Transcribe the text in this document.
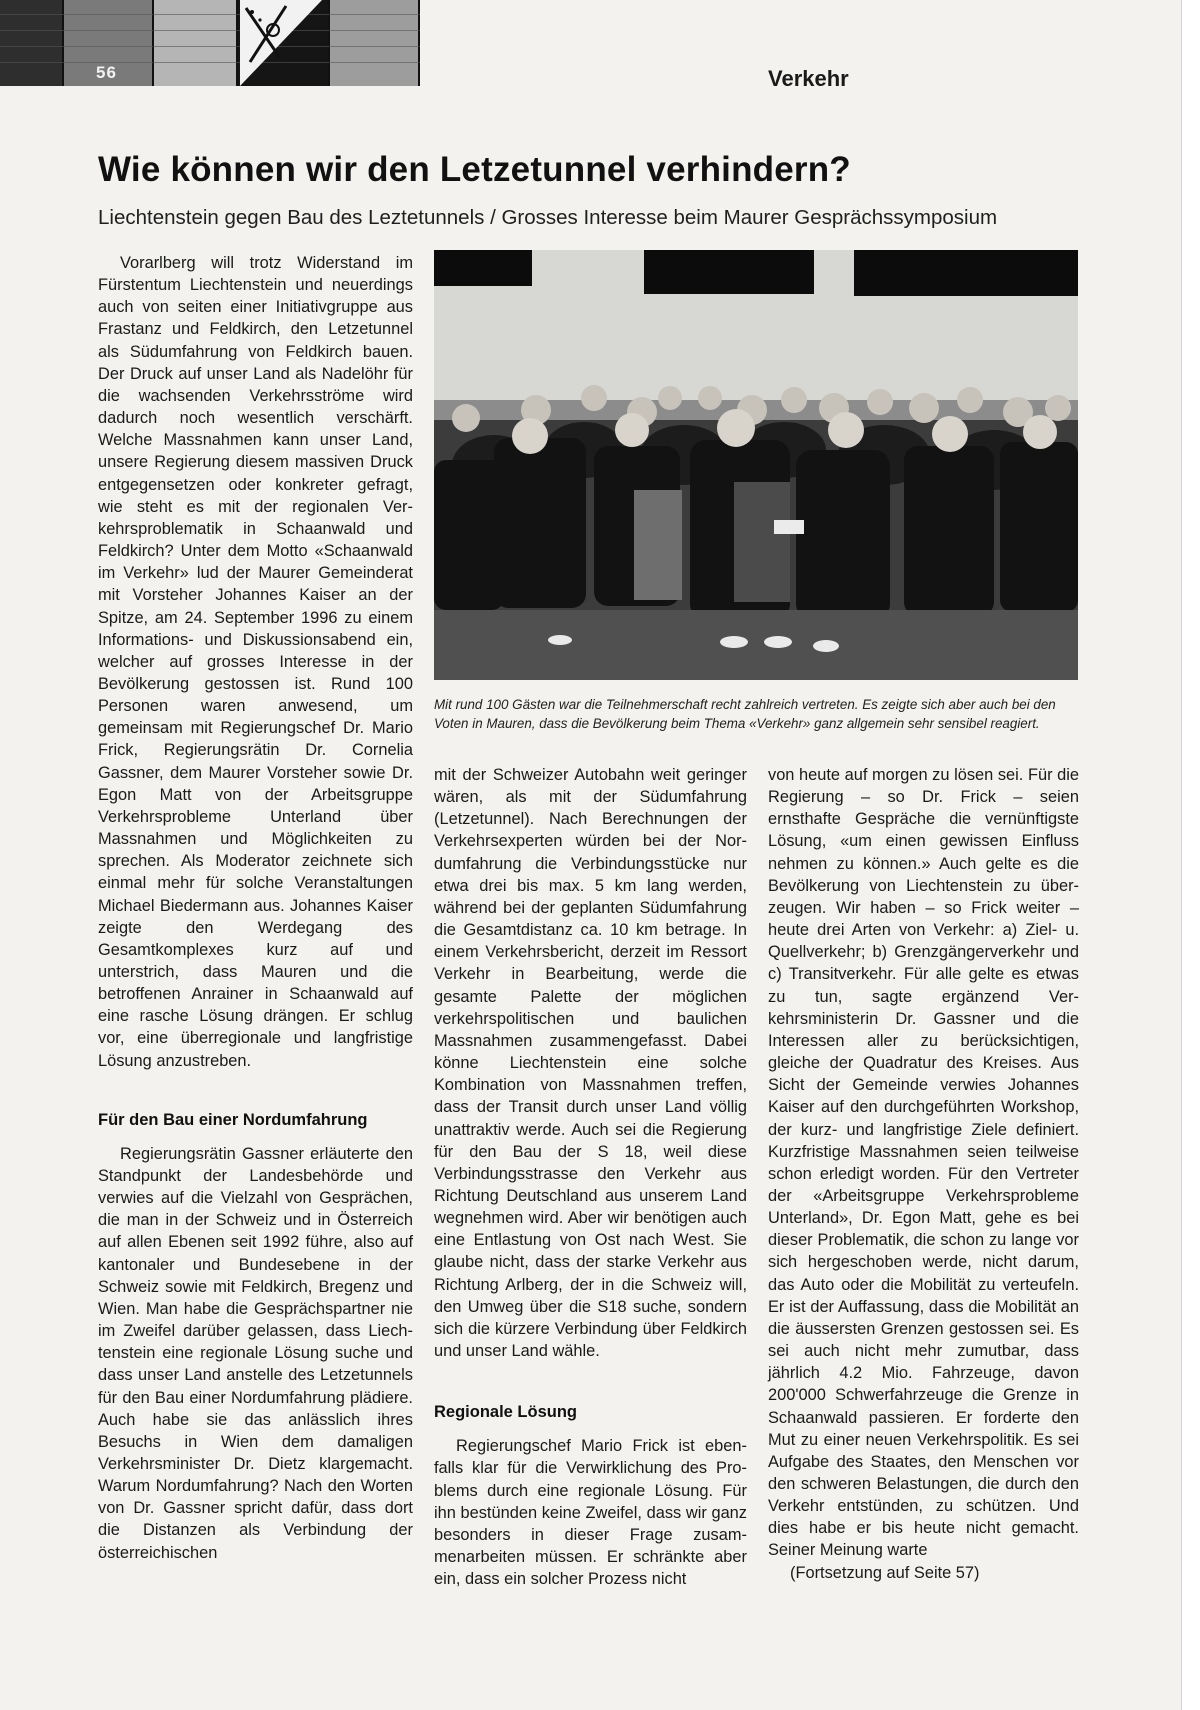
56	Verkehr
Wie können wir den Letzetunnel verhindern?

Liechtenstein gegen Bau des Leztetunnels / Grosses Interesse beim Maurer Gesprächssymposium

Vorarlberg will trotz Widerstand im Fürstentum Liechtenstein und neuerdings auch von seiten einer Initiativgruppe aus Frastanz und Feldkirch, den Letzetunnel als Südumfahrung von Feldkirch bauen. Der Druck auf unser Land als Nadelöhr für die wachsenden Verkehrsströme wird dadurch noch wesentlich verschärft. Welche Massnahmen kann unser Land, unsere Regierung diesem massiven Druck entgegensetzen oder konkreter gefragt, wie steht es mit der regionalen Verkehrsproblematik in Schaanwald und Feldkirch? Unter dem Motto «Schaanwald im Verkehr» lud der Maurer Gemeinderat mit Vorsteher Johannes Kaiser an der Spitze, am 24. September 1996 zu einem Informations- und Diskussionsabend ein, welcher auf grosses Interesse in der Bevölkerung gestossen ist. Rund 100 Personen waren anwesend, um gemeinsam mit Regierungschef Dr. Mario Frick, Regierungsrätin Dr. Cornelia Gassner, dem Maurer Vorsteher sowie Dr. Egon Matt von der Arbeitsgruppe Verkehrsprobleme Unterland über Massnahmen und Möglichkeiten zu sprechen. Als Moderator zeichnete sich einmal mehr für solche Veranstaltungen Michael Biedermann aus. Johannes Kaiser zeigte den Werdegang des Gesamtkomplexes kurz auf und unterstrich, dass Mauren und die betroffenen Anrainer in Schaanwald auf eine rasche Lösung drängen. Er schlug vor, eine überregionale und langfristige Lösung anzustreben.

Für den Bau einer Nordumfahrung

Regierungsrätin Gassner erläuterte den Standpunkt der Landesbehörde und verwies auf die Vielzahl von Gesprächen, die man in der Schweiz und in Österreich auf allen Ebenen seit 1992 führe, also auf kantonaler und Bundesebene in der Schweiz sowie mit Feldkirch, Bregenz und Wien. Man habe die Gesprächspartner nie im Zweifel darüber gelassen, dass Liechtenstein eine regionale Lösung suche und dass unser Land anstelle des Letzetunnels für den Bau einer Nordumfahrung plädiere. Auch habe sie das anlässlich ihres Besuchs in Wien dem damaligen Verkehrsminister Dr. Dietz klargemacht. Warum Nordumfahrung? Nach den Worten von Dr. Gassner spricht dafür, dass dort die Distanzen als Verbindung der österreichischen

Mit rund 100 Gästen war die Teilnehmerschaft recht zahlreich vertreten. Es zeigte sich aber auch bei den Voten in Mauren, dass die Bevölkerung beim Thema «Verkehr» ganz allgemein sehr sensibel reagiert.

mit der Schweizer Autobahn weit geringer wären, als mit der Südumfahrung (Letzetunnel). Nach Berechnungen der Verkehrsexperten würden bei der Nordumfahrung die Verbindungsstücke nur etwa drei bis max. 5 km lang werden, während bei der geplanten Südumfahrung die Gesamtdistanz ca. 10 km betrage. In einem Verkehrsbericht, derzeit im Ressort Verkehr in Bearbeitung, werde die gesamte Palette der möglichen verkehrspolitischen und baulichen Massnahmen zusammengefasst. Dabei könne Liechtenstein eine solche Kombination von Massnahmen treffen, dass der Transit durch unser Land völlig unattraktiv werde. Auch sei die Regierung für den Bau der S 18, weil diese Verbindungsstrasse den Verkehr aus Richtung Deutschland aus unserem Land wegnehmen wird. Aber wir benötigen auch eine Entlastung von Ost nach West. Sie glaube nicht, dass der starke Verkehr aus Richtung Arlberg, der in die Schweiz will, den Umweg über die S18 suche, sondern sich die kürzere Verbindung über Feldkirch und unser Land wähle.

Regionale Lösung

Regierungschef Mario Frick ist ebenfalls klar für die Verwirklichung des Problems durch eine regionale Lösung. Für ihn bestünden keine Zweifel, dass wir ganz besonders in dieser Frage zusammenarbeiten müssen. Er schränkte aber ein, dass ein solcher Prozess nicht

von heute auf morgen zu lösen sei. Für die Regierung – so Dr. Frick – seien ernsthafte Gespräche die vernünftigste Lösung, «um einen gewissen Einfluss nehmen zu können.» Auch gelte es die Bevölkerung von Liechtenstein zu überzeugen. Wir haben – so Frick weiter – heute drei Arten von Verkehr: a) Ziel- u. Quellverkehr; b) Grenzgängerverkehr und c) Transitverkehr. Für alle gelte es etwas zu tun, sagte ergänzend Verkehrsministerin Dr. Gassner und die Interessen aller zu berücksichtigen, gleiche der Quadratur des Kreises. Aus Sicht der Gemeinde verwies Johannes Kaiser auf den durchgeführten Workshop, der kurz- und langfristige Ziele definiert. Kurzfristige Massnahmen seien teilweise schon erledigt worden. Für den Vertreter der «Arbeitsgruppe Verkehrsprobleme Unterland», Dr. Egon Matt, gehe es bei dieser Problematik, die schon zu lange vor sich hergeschoben werde, nicht darum, das Auto oder die Mobilität zu verteufeln. Er ist der Auffassung, dass die Mobilität an die äussersten Grenzen gestossen sei. Es sei auch nicht mehr zumutbar, dass jährlich 4.2 Mio. Fahrzeuge, davon 200'000 Schwerfahrzeuge die Grenze in Schaanwald passieren. Er forderte den Mut zu einer neuen Verkehrspolitik. Es sei Aufgabe des Staates, den Menschen vor den schweren Belastungen, die durch den Verkehr entstünden, zu schützen. Und dies habe er bis heute nicht gemacht. Seiner Meinung warte

(Fortsetzung auf Seite 57)
